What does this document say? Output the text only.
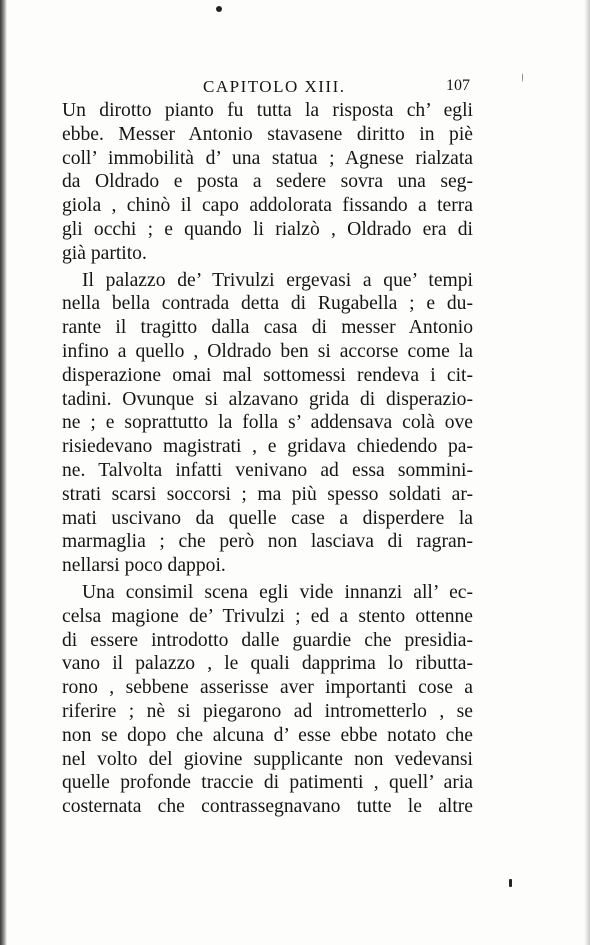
CAPITOLO XIII.	107
Un dirotto pianto fu tutta la risposta ch’ egli
ebbe. Messer Antonio stavasene diritto in piè
coll’ immobilità d’ una statua ; Agnese rialzata
da Oldrado e posta a sedere sovra una seg-
giola , chinò il capo addolorata fissando a terra
gli occhi ; e quando li rialzò , Oldrado era di
già partito.
Il palazzo de’ Trivulzi ergevasi a que’ tempi
nella bella contrada detta di Rugabella ; e du-
rante il tragitto dalla casa di messer Antonio
infino a quello , Oldrado ben si accorse come la
disperazione omai mal sottomessi rendeva i cit-
tadini. Ovunque si alzavano grida di disperazio-
ne ; e soprattutto la folla s’ addensava colà ove
risiedevano magistrati , e gridava chiedendo pa-
ne. Talvolta infatti venivano ad essa sommini-
strati scarsi soccorsi ; ma più spesso soldati ar-
mati uscivano da quelle case a disperdere la
marmaglia ; che però non lasciava di ragran-
nellarsi poco dappoi.
Una consimil scena egli vide innanzi all’ ec-
celsa magione de’ Trivulzi ; ed a stento ottenne
di essere introdotto dalle guardie che presidia-
vano il palazzo , le quali dapprima lo ributta-
rono , sebbene asserisse aver importanti cose a
riferire ; nè si piegarono ad intrometterlo , se
non se dopo che alcuna d’ esse ebbe notato che
nel volto del giovine supplicante non vedevansi
quelle profonde traccie di patimenti , quell’ aria
costernata che contrassegnavano tutte le altre
